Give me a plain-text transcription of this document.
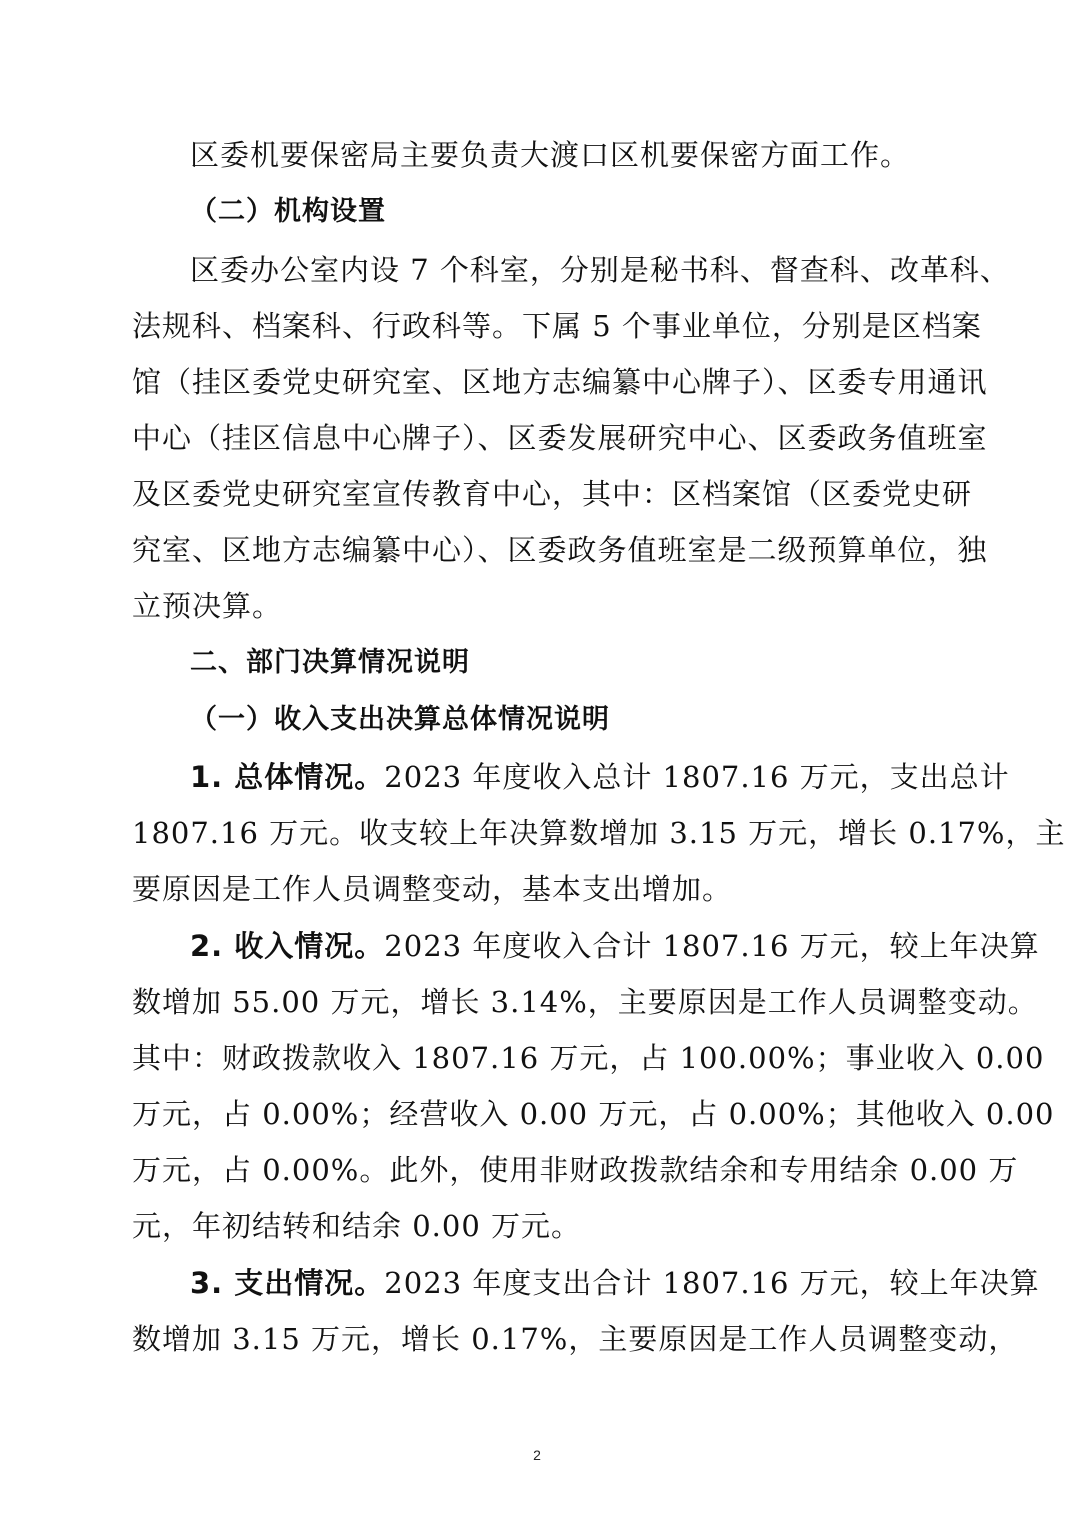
区委机要保密局主要负责大渡口区机要保密方面工作。
（二）机构设置
区委办公室内设 7 个科室，分别是秘书科、督查科、改革科、
法规科、档案科、行政科等。下属 5 个事业单位，分别是区档案
馆（挂区委党史研究室、区地方志编纂中心牌子）、区委专用通讯
中心（挂区信息中心牌子）、区委发展研究中心、区委政务值班室
及区委党史研究室宣传教育中心，其中：区档案馆（区委党史研
究室、区地方志编纂中心）、区委政务值班室是二级预算单位，独
立预决算。
二、部门决算情况说明
（一）收入支出决算总体情况说明
1. 总体情况。2023 年度收入总计 1807.16 万元，支出总计
1807.16 万元。收支较上年决算数增加 3.15 万元，增长 0.17%，主
要原因是工作人员调整变动，基本支出增加。
2. 收入情况。2023 年度收入合计 1807.16 万元，较上年决算
数增加 55.00 万元，增长 3.14%，主要原因是工作人员调整变动。
其中：财政拨款收入 1807.16 万元，占 100.00%；事业收入 0.00
万元，占 0.00%；经营收入 0.00 万元，占 0.00%；其他收入 0.00
万元，占 0.00%。此外，使用非财政拨款结余和专用结余 0.00 万
元，年初结转和结余 0.00 万元。
3. 支出情况。2023 年度支出合计 1807.16 万元，较上年决算
数增加 3.15 万元，增长 0.17%，主要原因是工作人员调整变动，
2
